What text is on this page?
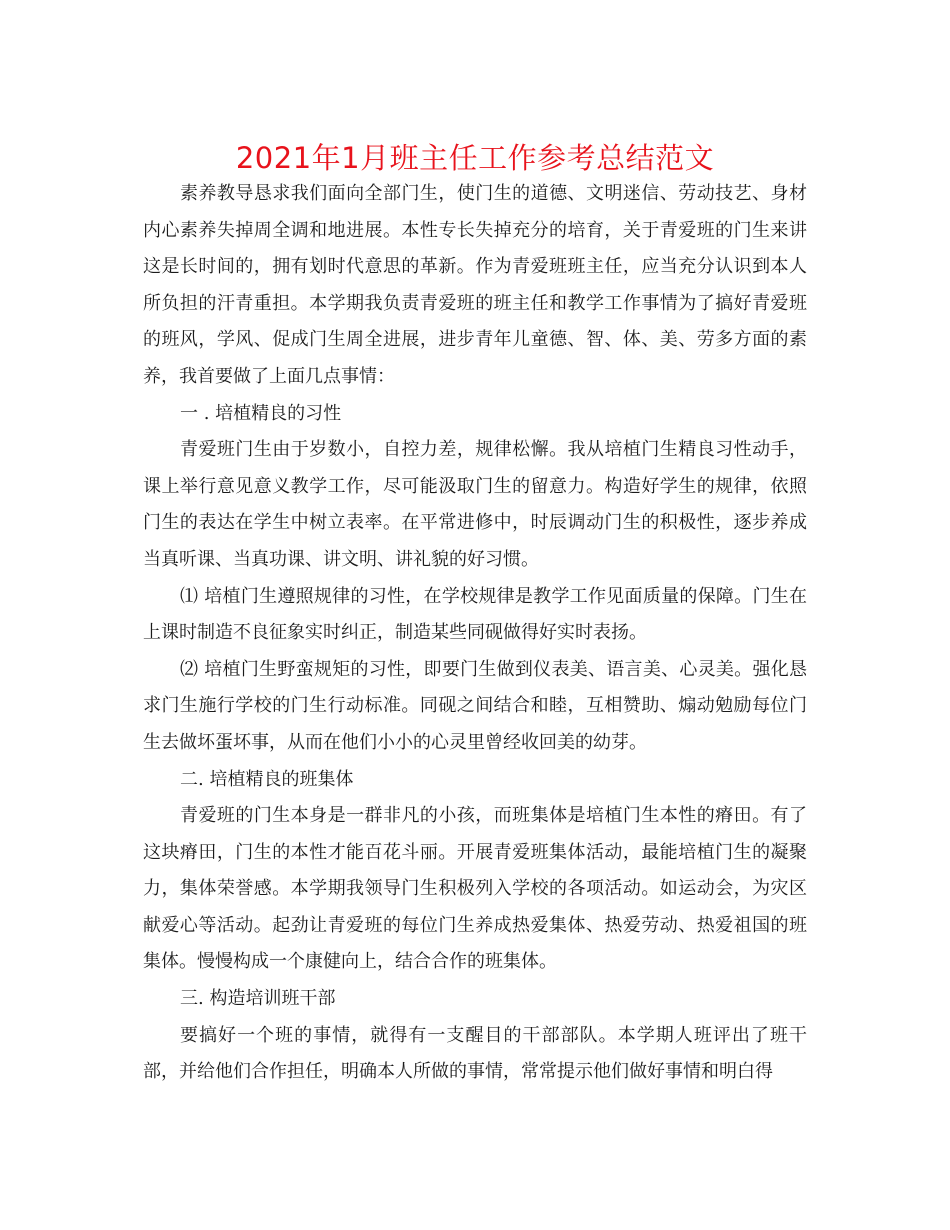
2021年1月班主任工作参考总结范文

素养教导恳求我们面向全部门生，使门生的道德、文明迷信、劳动技艺、身材内心素养失掉周全调和地进展。本性专长失掉充分的培育，关于青爱班的门生来讲这是长时间的，拥有划时代意思的革新。作为青爱班班主任，应当充分认识到本人所负担的汗青重担。本学期我负责青爱班的班主任和教学工作事情为了搞好青爱班的班风，学风、促成门生周全进展，进步青年儿童德、智、体、美、劳多方面的素养，我首要做了上面几点事情：

一 . 培植精良的习性

青爱班门生由于岁数小，自控力差，规律松懈。我从培植门生精良习性动手，课上举行意见意义教学工作，尽可能汲取门生的留意力。构造好学生的规律，依照门生的表达在学生中树立表率。在平常进修中，时辰调动门生的积极性，逐步养成当真听课、当真功课、讲文明、讲礼貌的好习惯。

⑴ 培植门生遵照规律的习性，在学校规律是教学工作见面质量的保障。门生在上课时制造不良征象实时纠正，制造某些同砚做得好实时表扬。

⑵ 培植门生野蛮规矩的习性，即要门生做到仪表美、语言美、心灵美。强化恳求门生施行学校的门生行动标准。同砚之间结合和睦，互相赞助、煽动勉励每位门生去做坏蛋坏事，从而在他们小小的心灵里曾经收回美的幼芽。

二. 培植精良的班集体

青爱班的门生本身是一群非凡的小孩，而班集体是培植门生本性的瘠田。有了这块瘠田，门生的本性才能百花斗丽。开展青爱班集体活动，最能培植门生的凝聚力，集体荣誉感。本学期我领导门生积极列入学校的各项活动。如运动会，为灾区献爱心等活动。起劲让青爱班的每位门生养成热爱集体、热爱劳动、热爱祖国的班集体。慢慢构成一个康健向上，结合合作的班集体。

三. 构造培训班干部

要搞好一个班的事情，就得有一支醒目的干部部队。本学期人班评出了班干部，并给他们合作担任，明确本人所做的事情，常常提示他们做好事情和明白得
